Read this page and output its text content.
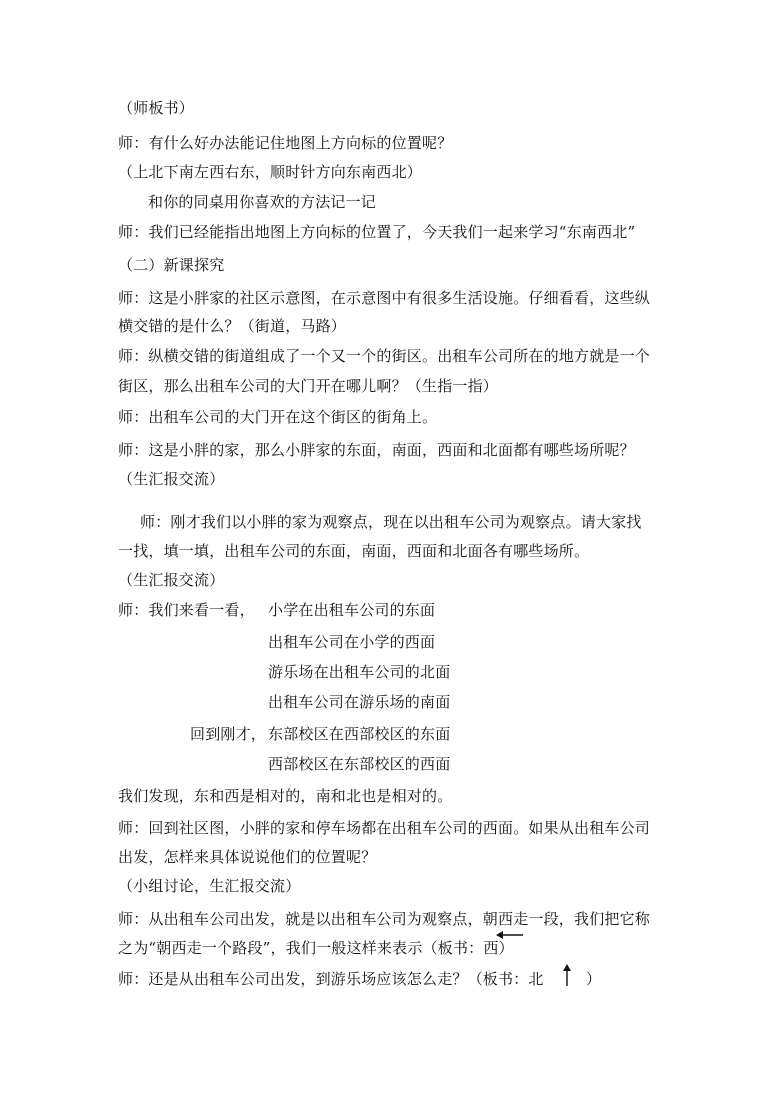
（师板书）
师：有什么好办法能记住地图上方向标的位置呢？
（上北下南左西右东，顺时针方向东南西北）
和你的同桌用你喜欢的方法记一记
师：我们已经能指出地图上方向标的位置了，今天我们一起来学习“东南西北”
（二）新课探究
师：这是小胖家的社区示意图，在示意图中有很多生活设施。仔细看看，这些纵
横交错的是什么？（街道，马路）
师：纵横交错的街道组成了一个又一个的街区。出租车公司所在的地方就是一个
街区，那么出租车公司的大门开在哪儿啊？（生指一指）
师：出租车公司的大门开在这个街区的街角上。
师：这是小胖的家，那么小胖家的东面，南面，西面和北面都有哪些场所呢？
（生汇报交流）
师：刚才我们以小胖的家为观察点，现在以出租车公司为观察点。请大家找
一找，填一填，出租车公司的东面，南面，西面和北面各有哪些场所。
（生汇报交流）
师：我们来看一看， 小学在出租车公司的东面
出租车公司在小学的西面
游乐场在出租车公司的北面
出租车公司在游乐场的南面
回到刚才， 东部校区在西部校区的东面
西部校区在东部校区的西面
我们发现，东和西是相对的，南和北也是相对的。
师：回到社区图，小胖的家和停车场都在出租车公司的西面。如果从出租车公司
出发，怎样来具体说说他们的位置呢？
（小组讨论，生汇报交流）
师：从出租车公司出发，就是以出租车公司为观察点，朝西走一段，我们把它称
之为“朝西走一个路段”，我们一般这样来表示（板书：西）
师：还是从出租车公司出发，到游乐场应该怎么走？（板书：北	）
